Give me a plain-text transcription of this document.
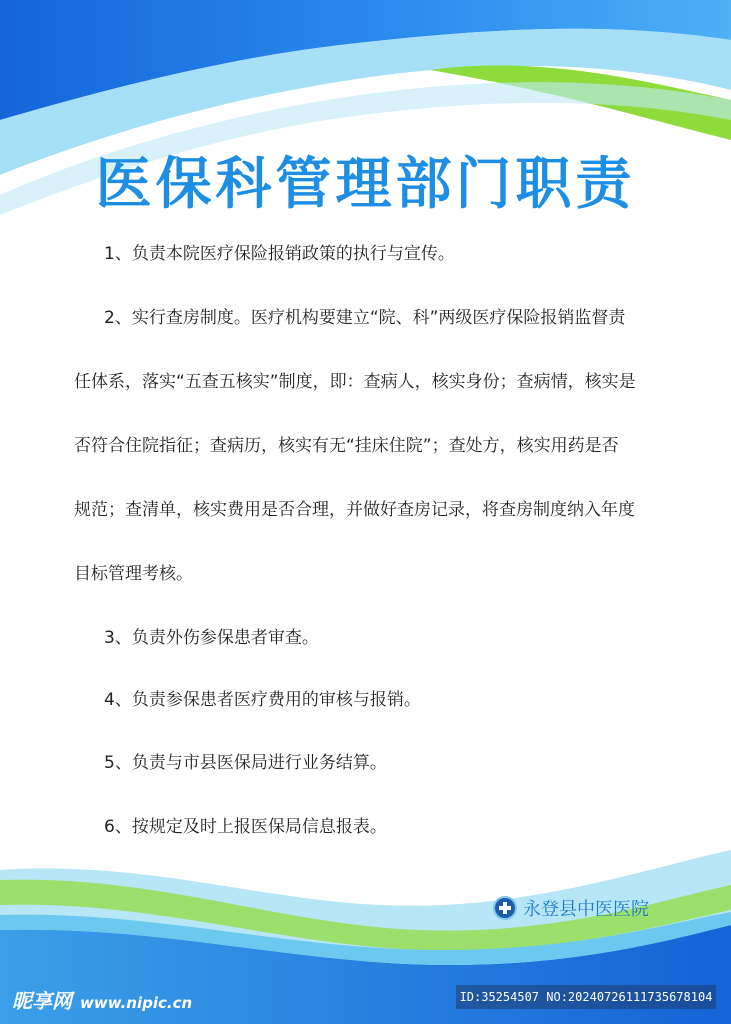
医保科管理部门职责
1、负责本院医疗保险报销政策的执行与宣传。
2、实行查房制度。医疗机构要建立“院、科”两级医疗保险报销监督责
任体系，落实“五查五核实”制度，即：查病人，核实身份；查病情，核实是
否符合住院指征；查病历，核实有无“挂床住院”；查处方，核实用药是否
规范；查清单，核实费用是否合理，并做好查房记录，将查房制度纳入年度
目标管理考核。
3、负责外伤参保患者审查。
4、负责参保患者医疗费用的审核与报销。
5、负责与市县医保局进行业务结算。
6、按规定及时上报医保局信息报表。
永登县中医医院
昵享网 www.nipic.cn	ID:35254507 NO:20240726111735678104
